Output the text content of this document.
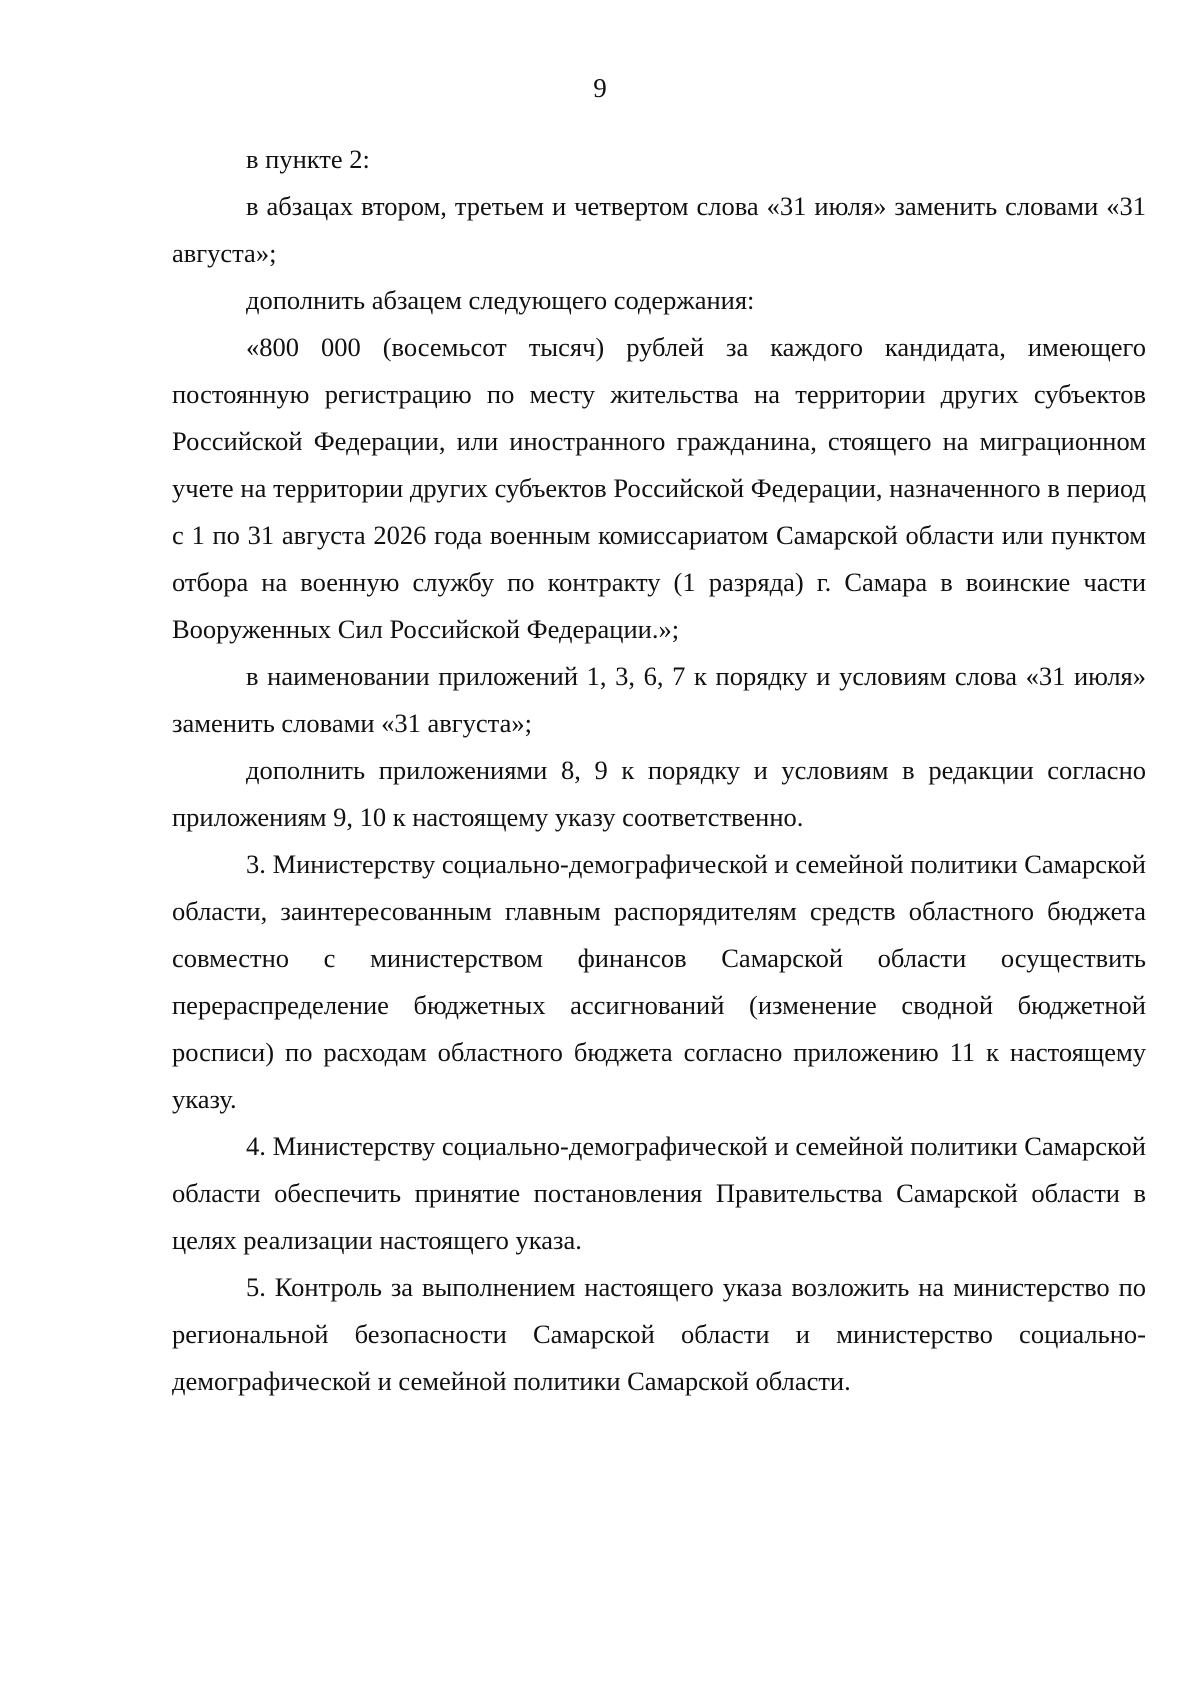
9

в пункте 2:

в абзацах втором, третьем и четвертом слова «31 июля» заменить словами «31 августа»;

дополнить абзацем следующего содержания:

«800 000 (восемьсот тысяч) рублей за каждого кандидата, имеющего постоянную регистрацию по месту жительства на территории других субъектов Российской Федерации, или иностранного гражданина, стоящего на миграционном учете на территории других субъектов Российской Федерации, назначенного в период с 1 по 31 августа 2026 года военным комиссариатом Самарской области или пунктом отбора на военную службу по контракту (1 разряда) г. Самара в воинские части Вооруженных Сил Российской Федерации.»;

в наименовании приложений 1, 3, 6, 7 к порядку и условиям слова «31 июля» заменить словами «31 августа»;

дополнить приложениями 8, 9 к порядку и условиям в редакции согласно приложениям 9, 10 к настоящему указу соответственно.

3. Министерству социально-демографической и семейной политики Самарской области, заинтересованным главным распорядителям средств областного бюджета совместно с министерством финансов Самарской области осуществить перераспределение бюджетных ассигнований (изменение сводной бюджетной росписи) по расходам областного бюджета согласно приложению 11 к настоящему указу.

4. Министерству социально-демографической и семейной политики Самарской области обеспечить принятие постановления Правительства Самарской области в целях реализации настоящего указа.

5. Контроль за выполнением настоящего указа возложить на министерство по региональной безопасности Самарской области и министерство социально-демографической и семейной политики Самарской области.
